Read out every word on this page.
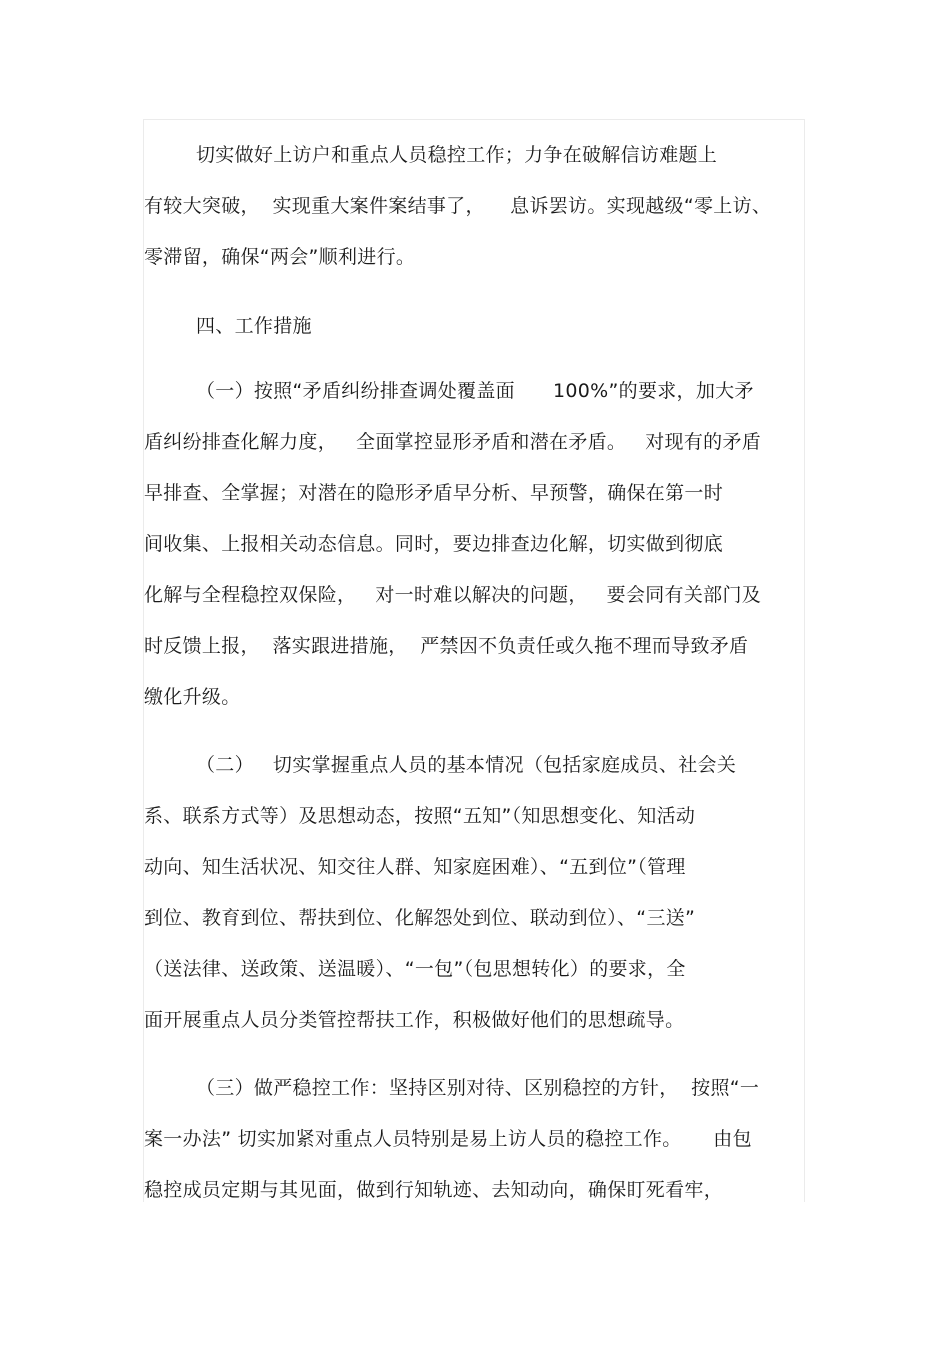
切实做好上访户和重点人员稳控工作；力争在破解信访难题上
有较大突破，  实现重大案件案结事了，    息诉罢访。实现越级“零上访、
零滞留，确保“两会”顺利进行。
四、工作措施
（一）按照“矛盾纠纷排查调处覆盖面      100%”的要求，加大矛
盾纠纷排查化解力度，   全面掌控显形矛盾和潜在矛盾。   对现有的矛盾
早排查、全掌握；对潜在的隐形矛盾早分析、早预警，确保在第一时
间收集、上报相关动态信息。同时，要边排查边化解，切实做到彻底
化解与全程稳控双保险，   对一时难以解决的问题，   要会同有关部门及
时反馈上报，  落实跟进措施，  严禁因不负责任或久拖不理而导致矛盾
缴化升级。
（二）   切实掌握重点人员的基本情况（包括家庭成员、社会关
系、联系方式等）及思想动态，按照“五知”（知思想变化、知活动
动向、知生活状况、知交往人群、知家庭困难）、“五到位”（管理
到位、教育到位、帮扶到位、化解怨处到位、联动到位）、“三送”
（送法律、送政策、送温暖）、“一包”（包思想转化）的要求，全
面开展重点人员分类管控帮扶工作，积极做好他们的思想疏导。
（三）做严稳控工作：坚持区别对待、区别稳控的方针，  按照“一
案一办法” 切实加紧对重点人员特别是易上访人员的稳控工作。     由包
稳控成员定期与其见面，做到行知轨迹、去知动向，确保盯死看牢，
